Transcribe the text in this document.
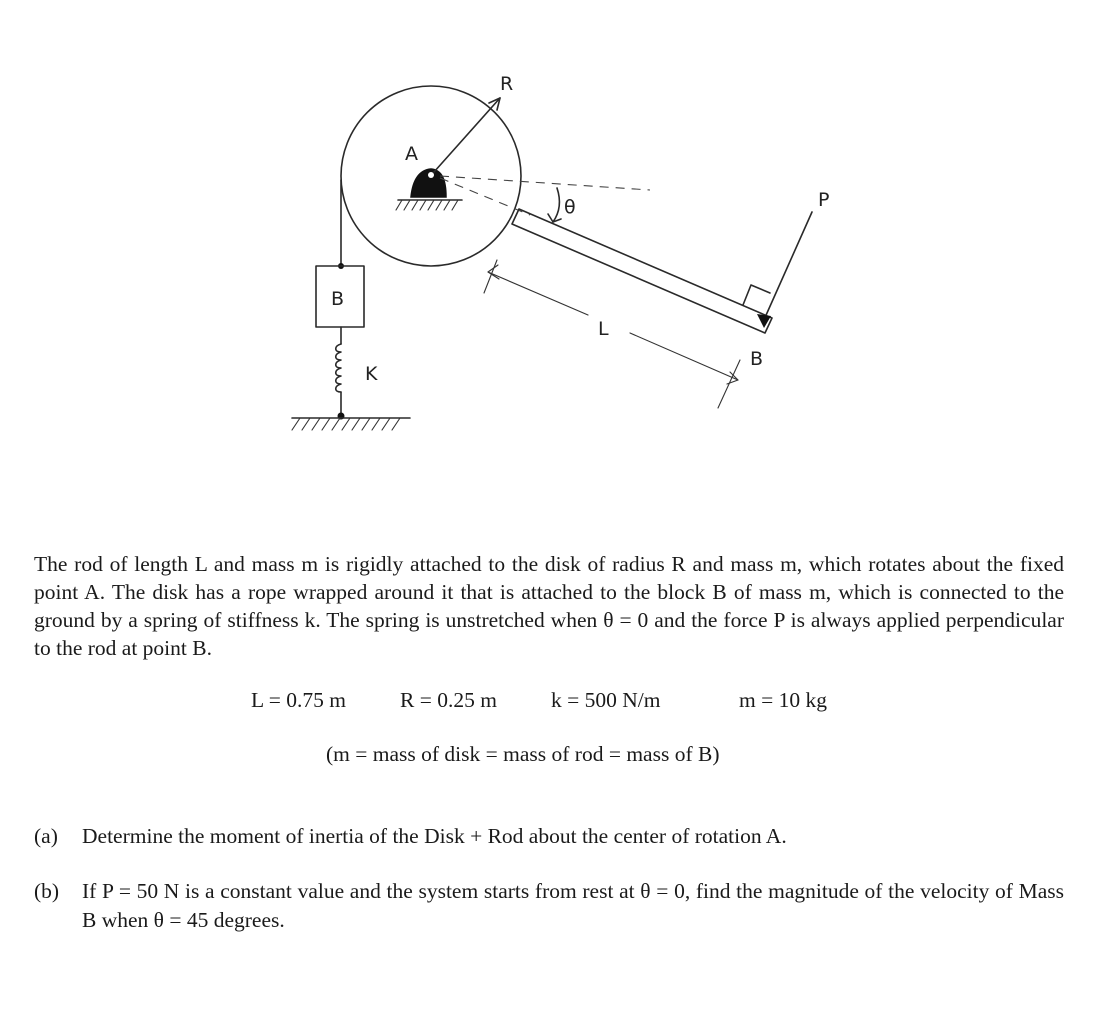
R
A
θ	P
B
L
B
K
The rod of length L and mass m is rigidly attached to the disk of radius R and mass m, which rotates about the fixed point A. The disk has a rope wrapped around it that is attached to the block B of mass m, which is connected to the ground by a spring of stiffness k. The spring is unstretched when θ = 0 and the force P is always applied perpendicular to the rod at point B.
L = 0.75 m	R = 0.25 m	k = 500 N/m	m = 10 kg
(m = mass of disk = mass of rod = mass of B)
(a) Determine the moment of inertia of the Disk + Rod about the center of rotation A.
(b) If P = 50 N is a constant value and the system starts from rest at θ = 0, find the magnitude of the velocity of Mass B when θ = 45 degrees.
